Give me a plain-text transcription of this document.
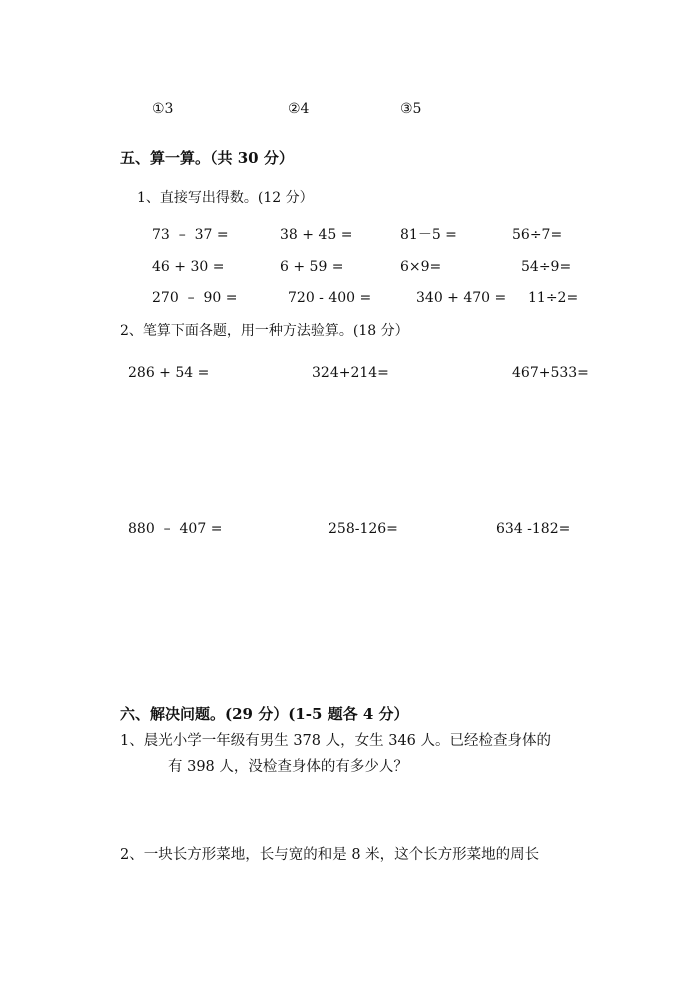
①3	②4	③5
五、算一算。（共 30 分）
1、直接写出得数。(12 分）
73  –  37 =	38 + 45 =	81－5 =	56÷7=
46 + 30 =	6 + 59 =	6×9=	54÷9=
270  –  90 =	720 - 400 =	340 + 470 = 11÷2=
2、笔算下面各题，用一种方法验算。(18 分）
286 + 54 =	324+214=	467+533=
880  –  407 =	258-126=	634 -182=
六、解决问题。(29 分）(1-5 题各 4 分）
1、晨光小学一年级有男生 378 人，女生 346 人。已经检查身体的
有 398 人，没检查身体的有多少人？
2、一块长方形菜地，长与宽的和是 8 米，这个长方形菜地的周长
